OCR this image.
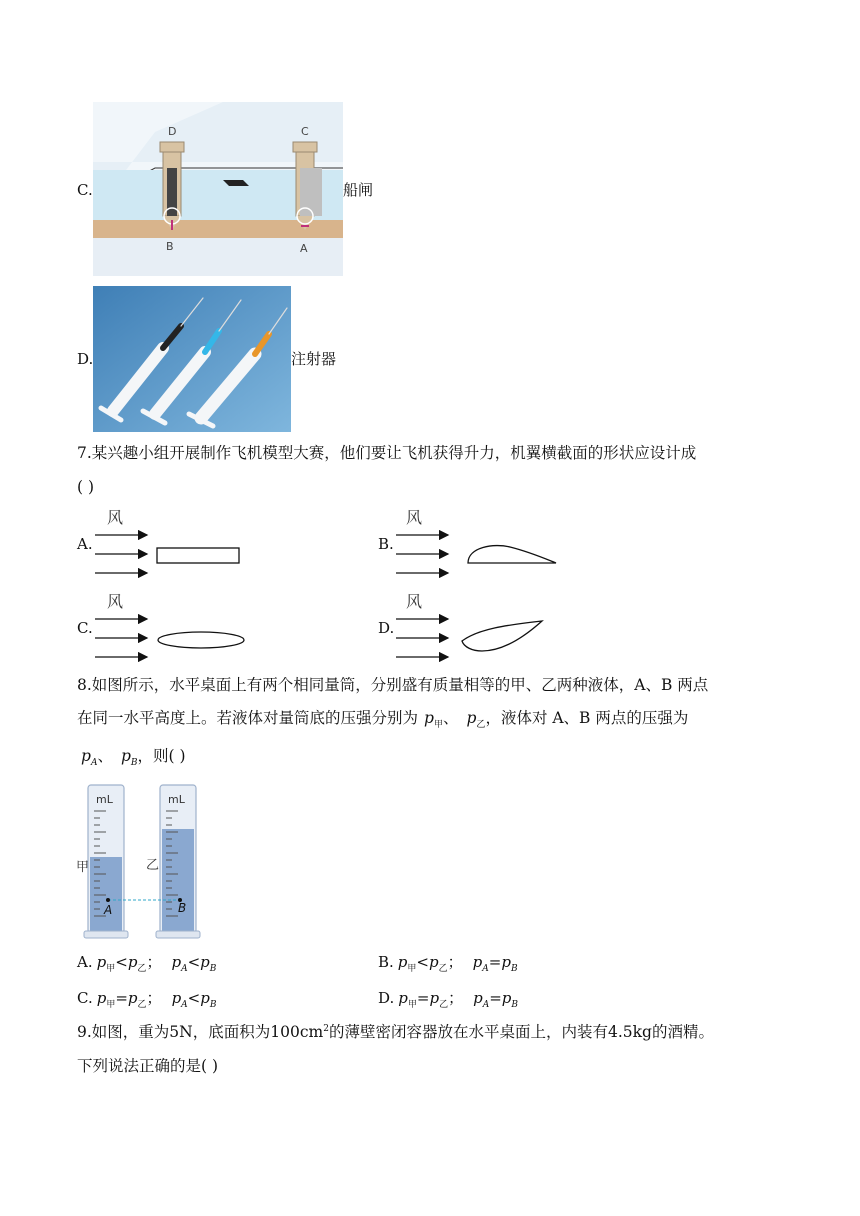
C.
D
B
C
A
船闸
D.	注射器
7.某兴趣小组开展制作飞机模型大赛，他们要让飞机获得升力，机翼横截面的形状应设计成
( )
A.
风
B.
风
C.
风
D.
风
8.如图所示，水平桌面上有两个相同量筒，分别盛有质量相等的甲、乙两种液体，A、B 两点
在同一水平高度上。若液体对量筒底的压强分别为 $p_甲$、 $p_乙$，液体对 A、B 两点的压强为
$p_A$、 $p_B$，则( )
mL	mL
甲	乙
A	B
A. $p_甲<p_乙$； $p_A<p_B$	B. $p_甲<p_乙$； $p_A=p_B$
C. $p_甲=p_乙$； $p_A<p_B$	D. $p_甲=p_乙$； $p_A=p_B$
9.如图，重为5N，底面积为$100cm^2$的薄壁密闭容器放在水平桌面上，内装有4.5kg的酒精。
下列说法正确的是( )
